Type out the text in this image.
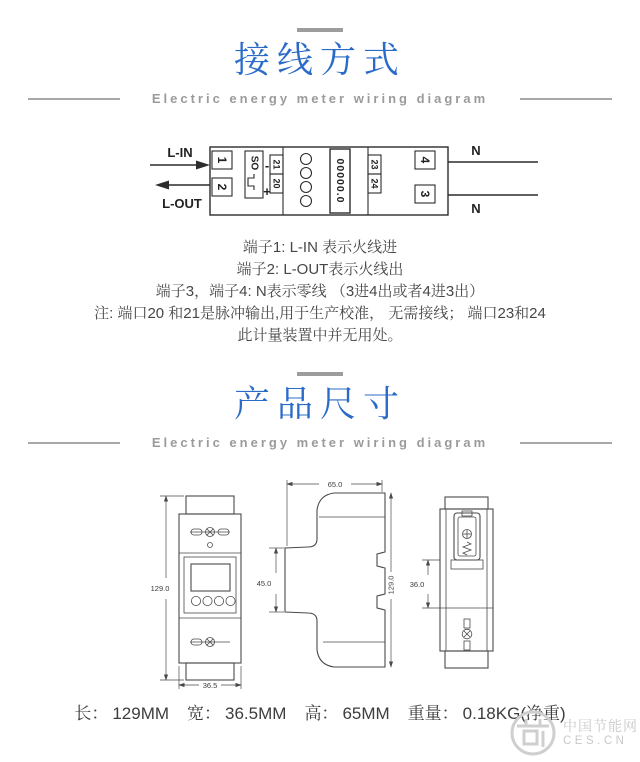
接线方式
Electric energy meter wiring diagram
L-IN
L-OUT
1
2
SO -
+
21
20	00000.0	23
24
4
3
N
N
端子1: L-IN 表示火线进
端子2: L-OUT表示火线出
端子3，端子4: N表示零线 （3进4出或者4进3出）
注: 端口20 和21是脉冲输出,用于生产校准， 无需接线； 端口23和24
此计量装置中并无用处。
产品尺寸
Electric energy meter wiring diagram
129.0
36.5
65.0
45.0	129.0 36.0
长： 129MM 宽： 36.5MM 高： 65MM 重量： 0.18KG(净重)
中国节能网
CES.CN
